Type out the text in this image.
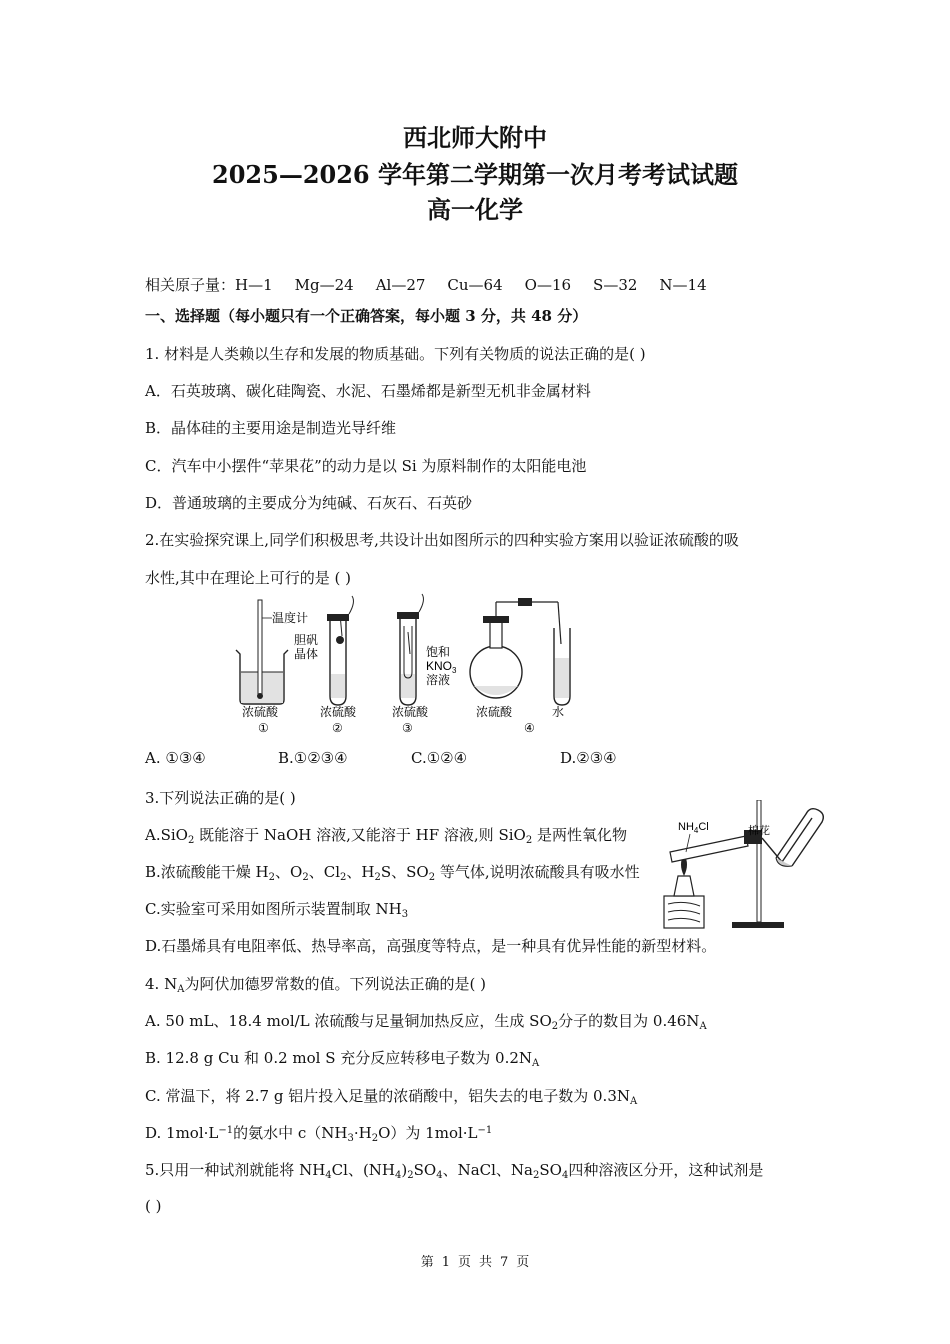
西北师大附中
2025—2026 学年第二学期第一次月考考试试题
高一化学
相关原子量：H—1 Mg—24 Al—27 Cu—64 O—16 S—32 N—14
一、选择题（每小题只有一个正确答案，每小题 3 分，共 48 分）
1. 材料是人类赖以生存和发展的物质基础。下列有关物质的说法正确的是( )
A．石英玻璃、碳化硅陶瓷、水泥、石墨烯都是新型无机非金属材料
B．晶体硅的主要用途是制造光导纤维
C．汽车中小摆件“苹果花”的动力是以 Si 为原料制作的太阳能电池
D．普通玻璃的主要成分为纯碱、石灰石、石英砂
2.在实验探究课上,同学们积极思考,共设计出如图所示的四种实验方案用以验证浓硫酸的吸
水性,其中在理论上可行的是 ( )
温度计
胆矾
晶体	饱和
$KNO_3$
溶液
浓硫酸	浓硫酸	浓硫酸	浓硫酸	水
①	②	③	④
A. ①③④	B.①②③④	C.①②④	D.②③④
3.下列说法正确的是( )
A.SiO$_2$ 既能溶于 NaOH 溶液,又能溶于 HF 溶液,则 SiO$_2$ 是两性氧化物
B.浓硫酸能干燥 $H_2$、$O_2$、$Cl_2$、$H_2S$、$SO_2$ 等气体,说明浓硫酸具有吸水性
C.实验室可采用如图所示装置制取 $NH_3$
D.石墨烯具有电阻率低、热导率高，高强度等特点，是一种具有优异性能的新型材料。
$NH_4Cl$	棉花
4. $N_A$为阿伏加德罗常数的值。下列说法正确的是( )
A. 50 mL、18.4 mol/L 浓硫酸与足量铜加热反应，生成 $SO_2$分子的数目为 $0.46N_A$
B. 12.8 g Cu 和 0.2 mol S 充分反应转移电子数为 $0.2N_A$
C. 常温下，将 2.7 g 铝片投入足量的浓硝酸中，铝失去的电子数为 $0.3N_A$
D. $1mol\cdot L^{-1}$的氨水中 $c(NH_3\cdot H_2O)$为 $1mol\cdot L^{-1}$
5.只用一种试剂就能将 $NH_4Cl$、$(NH_4)_2SO_4$、NaCl、$Na_2SO_4$四种溶液区分开，这种试剂是
( )
第 1 页 共 7 页
